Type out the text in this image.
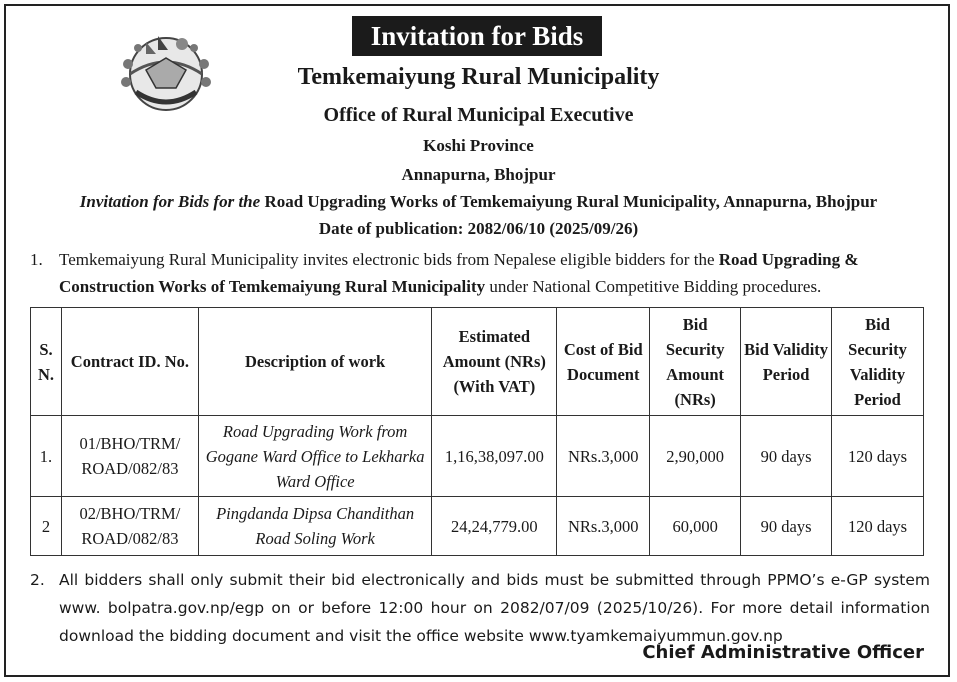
Invitation for Bids
Temkemaiyung Rural Municipality
Office of Rural Municipal Executive
Koshi Province
Annapurna, Bhojpur
Invitation for Bids for the Road Upgrading Works of Temkemaiyung Rural Municipality, Annapurna, Bhojpur
Date of publication: 2082/06/10 (2025/09/26)
1. Temkemaiyung Rural Municipality invites electronic bids from Nepalese eligible bidders for the Road Upgrading & Construction Works of Temkemaiyung Rural Municipality under National Competitive Bidding procedures.
S. N.	Contract ID. No.	Description of work	Estimated Amount (NRs) (With VAT)	Cost of Bid Document	Bid Security Amount (NRs)	Bid Validity Period	Bid Security Validity Period
1.	01/BHO/TRM/ ROAD/082/83	Road Upgrading Work from Gogane Ward Office to Lekharka Ward Office	1,16,38,097.00	NRs.3,000	2,90,000	90 days	120 days
2	02/BHO/TRM/ ROAD/082/83	Pingdanda Dipsa Chandithan Road Soling Work	24,24,779.00	NRs.3,000	60,000	90 days	120 days
2. All bidders shall only submit their bid electronically and bids must be submitted through PPMO’s e-GP system www. bolpatra.gov.np/egp on or before 12:00 hour on 2082/07/09 (2025/10/26). For more detail information download the bidding document and visit the office website www.tyamkemaiyummun.gov.np
Chief Administrative Officer
